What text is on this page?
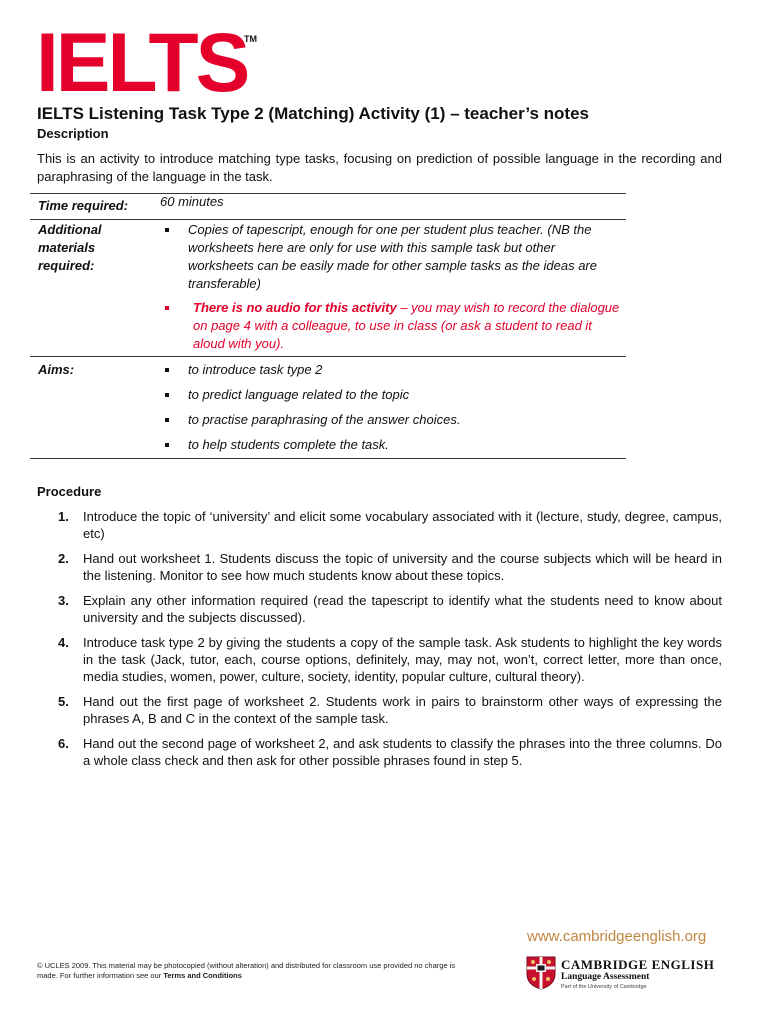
IELTS
TM
IELTS Listening Task Type 2 (Matching) Activity (1) – teacher’s notes
Description

This is an activity to introduce matching type tasks, focusing on prediction of possible language in the recording and paraphrasing of the language in the task.

Time required: 60 minutes
Additional
materials
required:
Copies of tapescript, enough for one per student plus teacher. (NB the worksheets here are only for use with this sample task but other worksheets can be easily made for other sample tasks as the ideas are transferable)
There is no audio for this activity – you may wish to record the dialogue on page 4 with a colleague, to use in class (or ask a student to read it aloud with you).
Aims:	to introduce task type 2
to predict language related to the topic
to practise paraphrasing of the answer choices.
to help students complete the task.
Procedure
1. Introduce the topic of ‘university’ and elicit some vocabulary associated with it (lecture, study, degree, campus, etc)
2. Hand out worksheet 1. Students discuss the topic of university and the course subjects which will be heard in the listening. Monitor to see how much students know about these topics.
3. Explain any other information required (read the tapescript to identify what the students need to know about university and the subjects discussed).
4. Introduce task type 2 by giving the students a copy of the sample task. Ask students to highlight the key words in the task (Jack, tutor, each, course options, definitely, may, may not, won’t, correct letter, more than once, media studies, women, power, culture, society, identity, popular culture, cultural theory).
5. Hand out the first page of worksheet 2. Students work in pairs to brainstorm other ways of expressing the phrases A, B and C in the context of the sample task.
6. Hand out the second page of worksheet 2, and ask students to classify the phrases into the three columns. Do a whole class check and then ask for other possible phrases found in step 5.
© UCLES 2009. This material may be photocopied (without alteration) and distributed for classroom use provided no charge is made. For further information see our Terms and Conditions
www.cambridgeenglish.org
CAMBRIDGE ENGLISH
Language Assessment
Part of the University of Cambridge
